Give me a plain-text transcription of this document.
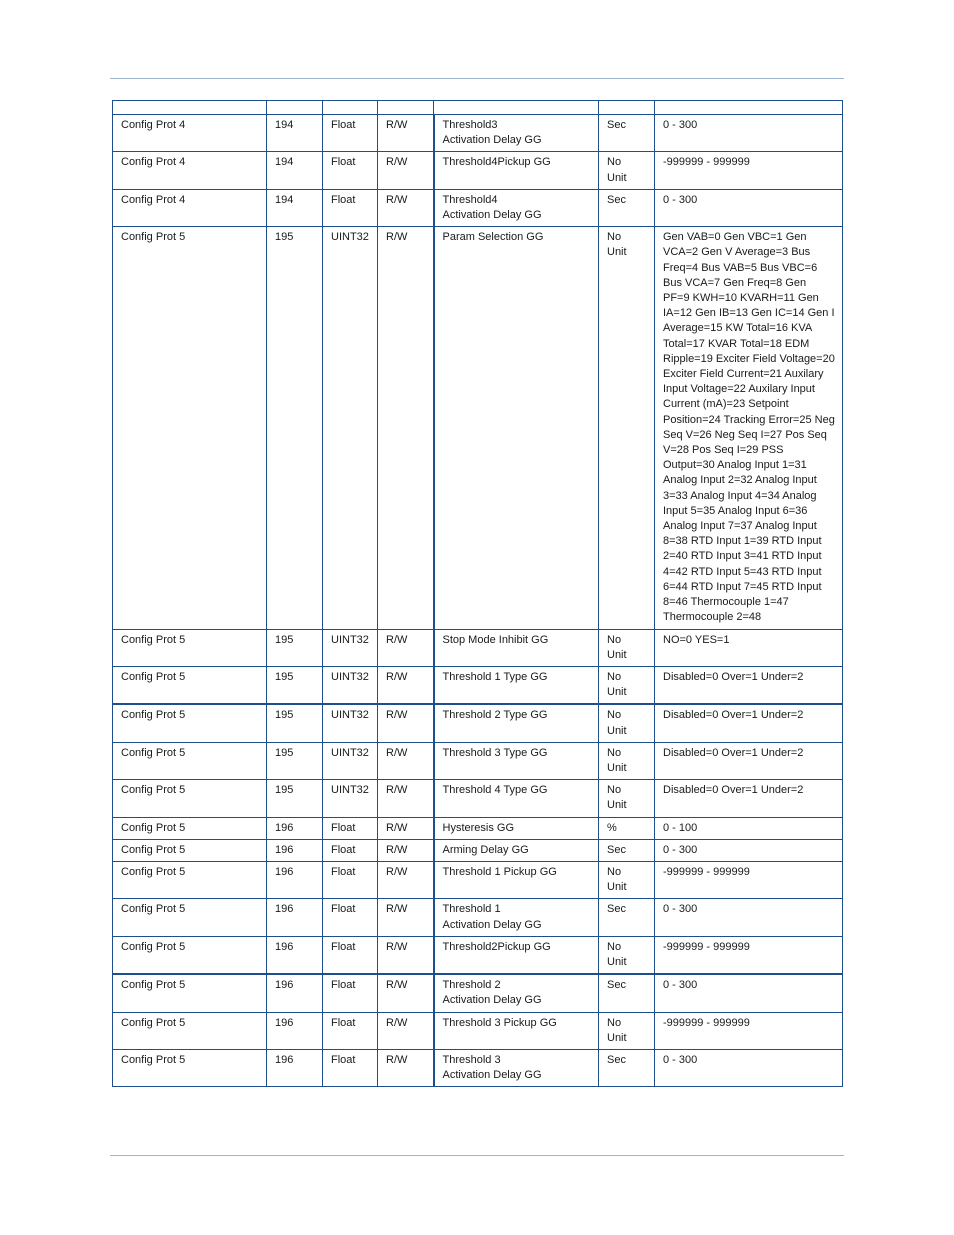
Config Prot 4	194	Float	R/W	Threshold3
Activation Delay GG	Sec	0 - 300
Config Prot 4	194	Float	R/W	Threshold4Pickup GG	No
Unit	-999999 - 999999
Config Prot 4	194	Float	R/W	Threshold4
Activation Delay GG	Sec	0 - 300
Config Prot 5	195	UINT32	R/W	Param Selection GG	No
Unit	Gen VAB=0 Gen VBC=1 Gen VCA=2 Gen V Average=3 Bus Freq=4 Bus VAB=5 Bus VBC=6 Bus VCA=7 Gen Freq=8 Gen PF=9 KWH=10 KVARH=11 Gen IA=12 Gen IB=13 Gen IC=14 Gen I Average=15 KW Total=16 KVA Total=17 KVAR Total=18 EDM Ripple=19 Exciter Field Voltage=20 Exciter Field Current=21 Auxilary Input Voltage=22 Auxilary Input Current (mA)=23 Setpoint Position=24 Tracking Error=25 Neg Seq V=26 Neg Seq I=27 Pos Seq V=28 Pos Seq I=29 PSS Output=30 Analog Input 1=31 Analog Input 2=32 Analog Input 3=33 Analog Input 4=34 Analog Input 5=35 Analog Input 6=36 Analog Input 7=37 Analog Input 8=38 RTD Input 1=39 RTD Input 2=40 RTD Input 3=41 RTD Input 4=42 RTD Input 5=43 RTD Input 6=44 RTD Input 7=45 RTD Input 8=46 Thermocouple 1=47 Thermocouple 2=48
Config Prot 5	195	UINT32	R/W	Stop Mode Inhibit GG	No
Unit	NO=0 YES=1
Config Prot 5	195	UINT32	R/W	Threshold 1 Type GG	No
Unit	Disabled=0 Over=1 Under=2
Config Prot 5	195	UINT32	R/W	Threshold 2 Type GG	No
Unit	Disabled=0 Over=1 Under=2
Config Prot 5	195	UINT32	R/W	Threshold 3 Type GG	No
Unit	Disabled=0 Over=1 Under=2
Config Prot 5	195	UINT32	R/W	Threshold 4 Type GG	No
Unit	Disabled=0 Over=1 Under=2
Config Prot 5	196	Float	R/W	Hysteresis GG	%	0 - 100
Config Prot 5	196	Float	R/W	Arming Delay GG	Sec	0 - 300
Config Prot 5	196	Float	R/W	Threshold 1 Pickup GG	No
Unit	-999999 - 999999
Config Prot 5	196	Float	R/W	Threshold 1
Activation Delay GG	Sec	0 - 300
Config Prot 5	196	Float	R/W	Threshold2Pickup GG	No
Unit	-999999 - 999999
Config Prot 5	196	Float	R/W	Threshold 2
Activation Delay GG	Sec	0 - 300
Config Prot 5	196	Float	R/W	Threshold 3 Pickup GG	No
Unit	-999999 - 999999
Config Prot 5	196	Float	R/W	Threshold 3
Activation Delay GG	Sec	0 - 300
